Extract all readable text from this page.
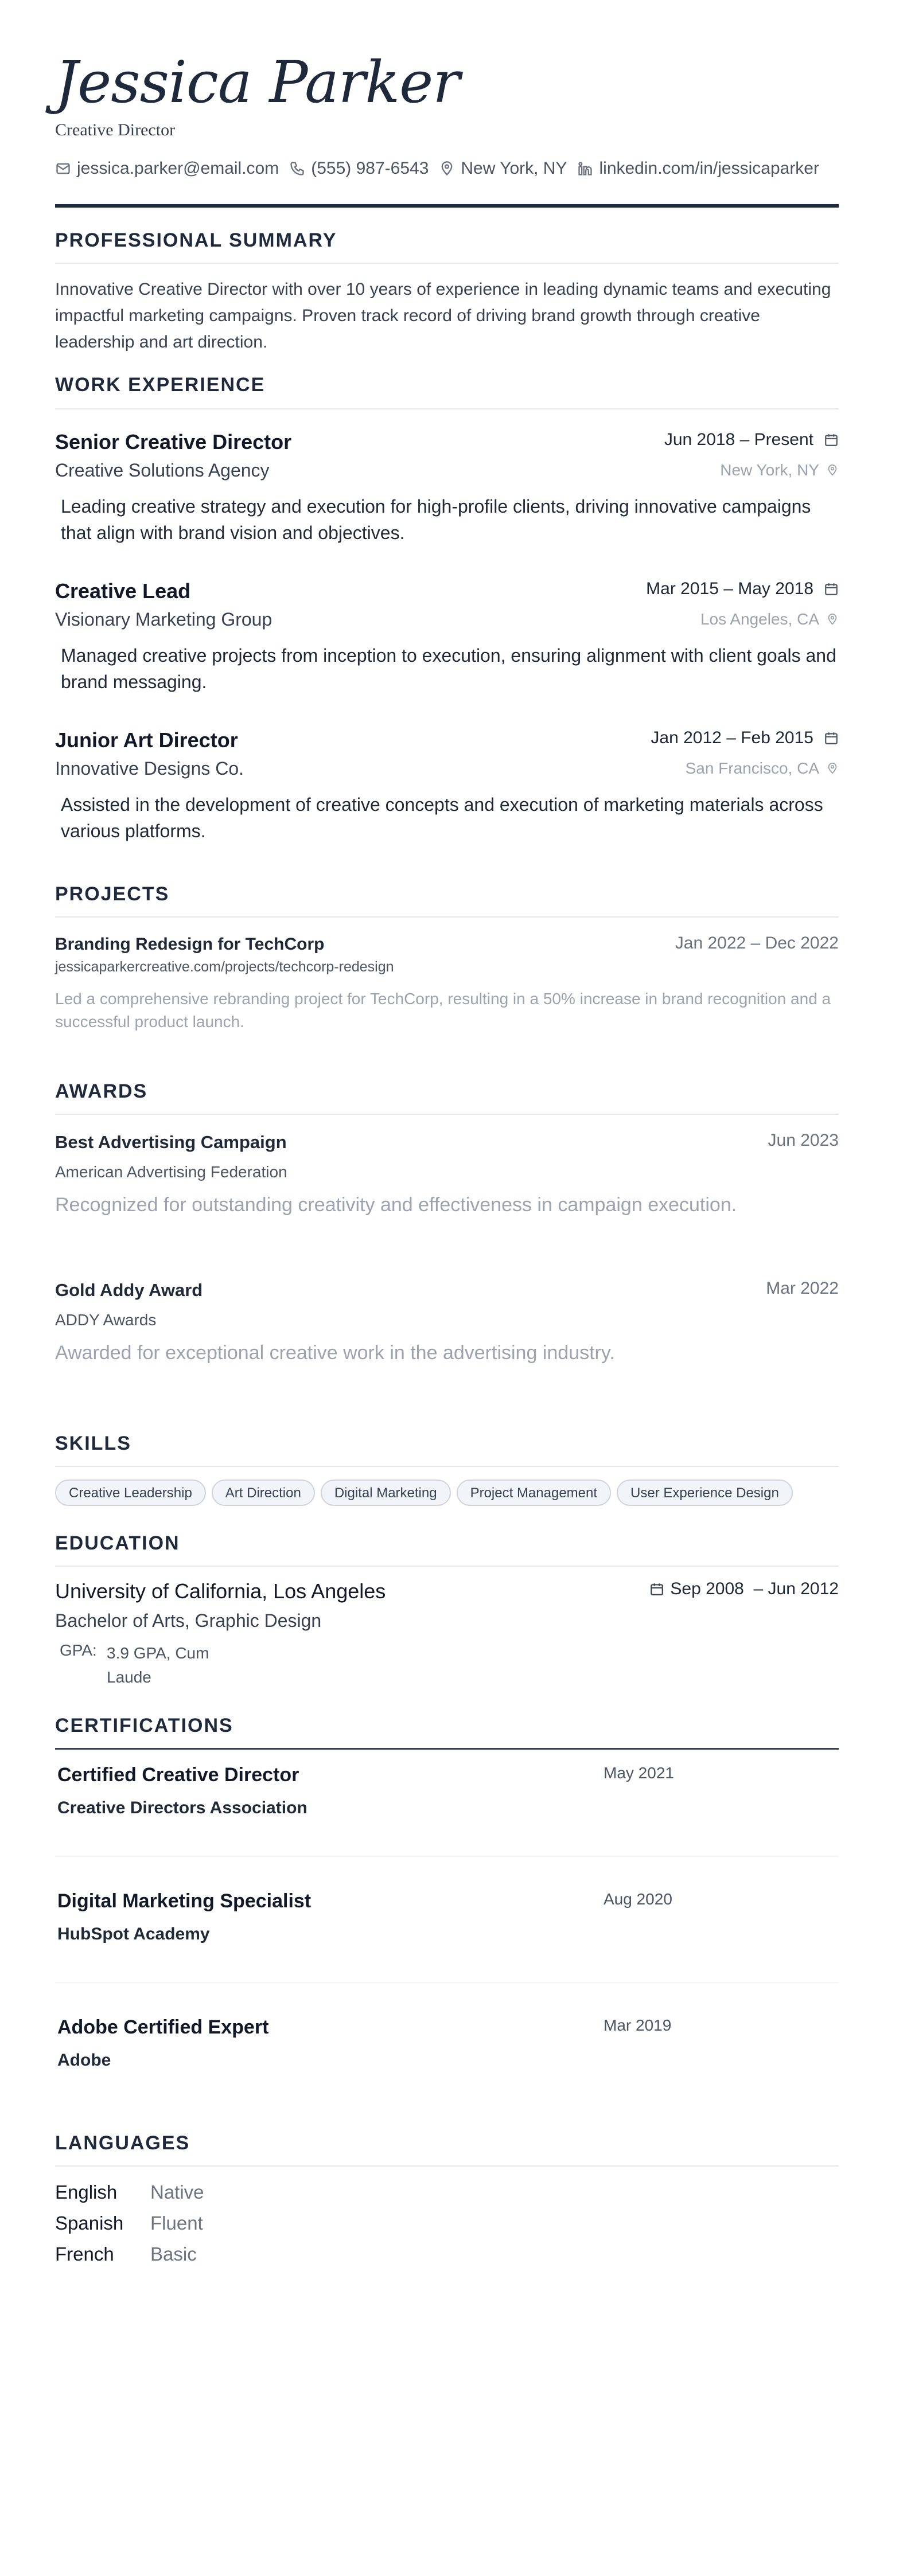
Jessica Parker
Creative Director
jessica.parker@email.com (555) 987-6543 New York, NY linkedin.com/in/jessicaparker
PROFESSIONAL SUMMARY
Innovative Creative Director with over 10 years of experience in leading dynamic teams and executing impactful marketing campaigns. Proven track record of driving brand growth through creative leadership and art direction.
WORK EXPERIENCE
Senior Creative Director	Jun 2018 – Present
Creative Solutions Agency	New York, NY
Leading creative strategy and execution for high-profile clients, driving innovative campaigns that align with brand vision and objectives.
Creative Lead	Mar 2015 – May 2018
Visionary Marketing Group	Los Angeles, CA
Managed creative projects from inception to execution, ensuring alignment with client goals and brand messaging.
Junior Art Director	Jan 2012 – Feb 2015
Innovative Designs Co.	San Francisco, CA
Assisted in the development of creative concepts and execution of marketing materials across various platforms.
PROJECTS
Branding Redesign for TechCorp	Jan 2022 – Dec 2022
jessicaparkercreative.com/projects/techcorp-redesign
Led a comprehensive rebranding project for TechCorp, resulting in a 50% increase in brand recognition and a successful product launch.
AWARDS
Best Advertising Campaign	Jun 2023
American Advertising Federation
Recognized for outstanding creativity and effectiveness in campaign execution.
Gold Addy Award	Mar 2022
ADDY Awards
Awarded for exceptional creative work in the advertising industry.
SKILLS
Creative Leadership	Art Direction	Digital Marketing	Project Management	User Experience Design
EDUCATION
University of California, Los Angeles	Sep 2008  – Jun 2012
Bachelor of Arts, Graphic Design
GPA: 3.9 GPA, Cum Laude
CERTIFICATIONS
Certified Creative Director	May 2021
Creative Directors Association
Digital Marketing Specialist	Aug 2020
HubSpot Academy
Adobe Certified Expert	Mar 2019
Adobe
LANGUAGES
English Native
Spanish Fluent
French Basic
